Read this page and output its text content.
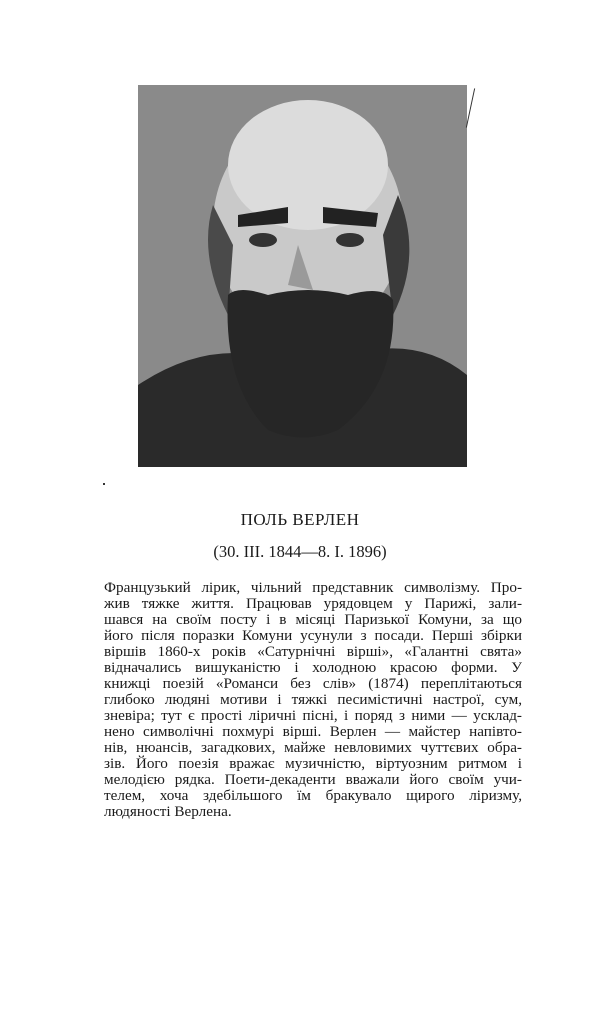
ПОЛЬ ВЕРЛЕН
(30. III. 1844—8. I. 1896)
Французький лірик, чільний представник символізму. Про-
жив тяжке життя. Працював урядовцем у Парижі, зали-
шався на своїм посту і в місяці Паризької Комуни, за що
його після поразки Комуни усунули з посади. Перші збірки
віршів 1860-х років «Сатурнічні вірші», «Галантні свята»
відначались вишуканістю і холодною красою форми. У
книжці поезій «Романси без слів» (1874) переплітаються
глибоко людяні мотиви і тяжкі песимістичні настрої, сум,
зневіра; тут є прості ліричні пісні, і поряд з ними — усклад-
нено символічні похмурі вірші. Верлен — майстер напівто-
нів, нюансів, загадкових, майже невловимих чуттєвих обра-
зів. Його поезія вражає музичністю, віртуозним ритмом і
мелодією рядка. Поети-декаденти вважали його своїм учи-
телем, хоча здебільшого їм бракувало щирого ліризму,
людяності Верлена.
